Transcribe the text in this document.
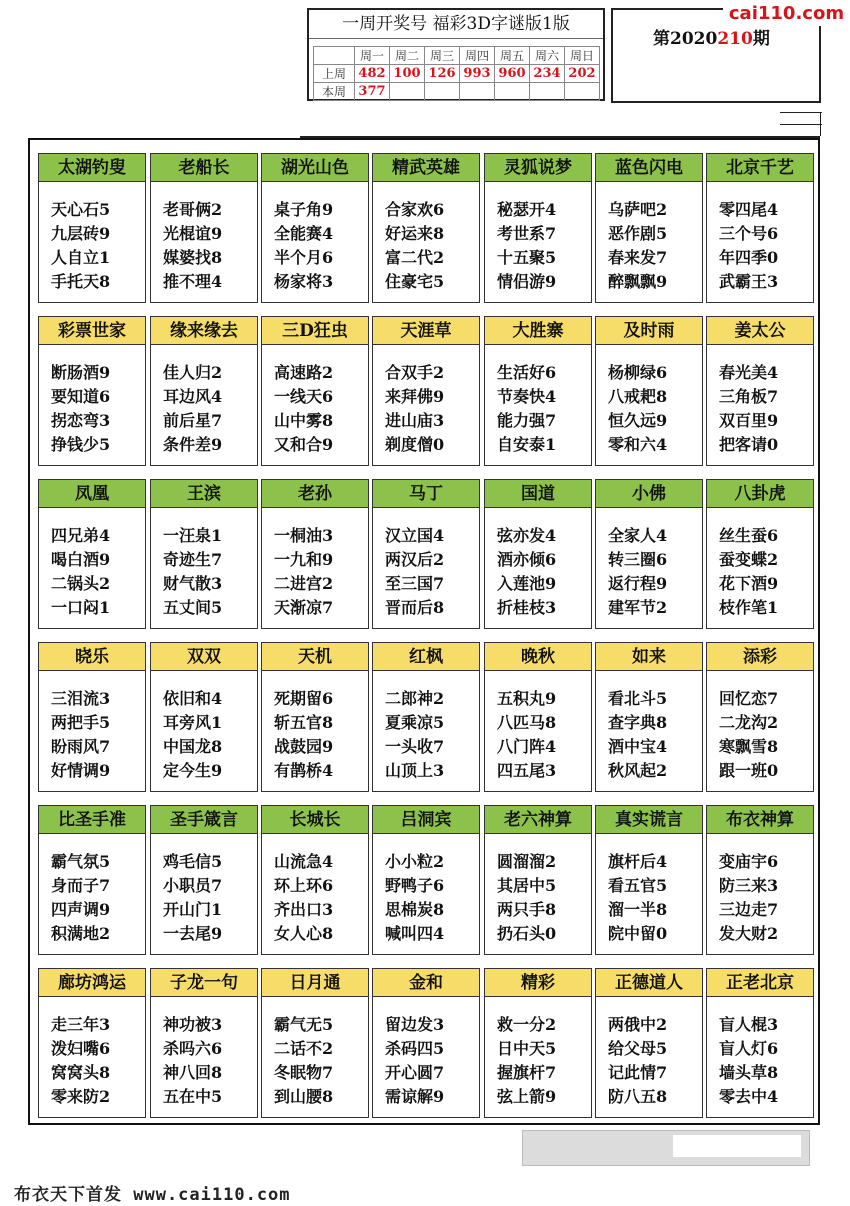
一周开奖号 福彩3D字谜版1版
	周一	周二	周三	周四	周五	周六	周日
上周	482	100	126	993	960	234	202
本周	377						
第2020210期
cai110.com
太湖钓叟
天心石5
九层砖9
人自立1
手托天8
老船长
老哥俩2
光棍谊9
媒婆找8
推不理4
湖光山色
桌子角9
全能赛4
半个月6
杨家将3
精武英雄
合家欢6
好运来8
富二代2
住豪宅5
灵狐说梦
秘瑟开4
考世系7
十五聚5
情侣游9
蓝色闪电
乌萨吧2
恶作剧5
春来发7
醉飘飘9
北京千艺
零四尾4
三个号6
年四季0
武霸王3
彩票世家
断肠酒9
要知道6
拐恋弯3
挣钱少5
缘来缘去
佳人归2
耳边风4
前后星7
条件差9
三D狂虫
高速路2
一线天6
山中雾8
又和合9
天涯草
合双手2
来拜佛9
进山庙3
剃度僧0
大胜寨
生活好6
节奏快4
能力强7
自安泰1
及时雨
杨柳绿6
八戒耙8
恒久远9
零和六4
姜太公
春光美4
三角板7
双百里9
把客请0
凤凰
四兄弟4
喝白酒9
二锅头2
一口闷1
王滨
一汪泉1
奇迹生7
财气散3
五丈间5
老孙
一桐油3
一九和9
二进宫2
天渐凉7
马丁
汉立国4
两汉后2
至三国7
晋而后8
国道
弦亦发4
酒亦倾6
入莲池9
折桂枝3
小佛
全家人4
转三圈6
返行程9
建军节2
八卦虎
丝生蚕6
蚕变蝶2
花下酒9
枝作笔1
晓乐
三泪流3
两把手5
盼雨风7
好情调9
双双
依旧和4
耳旁风1
中国龙8
定今生9
天机
死期留6
斩五官8
战鼓园9
有鹊桥4
红枫
二郎神2
夏乘凉5
一头收7
山顶上3
晚秋
五积丸9
八匹马8
八门阵4
四五尾3
如来
看北斗5
查字典8
酒中宝4
秋风起2
添彩
回忆恋7
二龙沟2
寒飘雪8
跟一班0
比圣手准
霸气氛5
身而子7
四声调9
积满地2
圣手箴言
鸡毛信5
小职员7
开山门1
一去尾9
长城长
山流急4
环上环6
齐出口3
女人心8
吕洞宾
小小粒2
野鸭子6
思棉炭8
喊叫四4
老六神算
圆溜溜2
其居中5
两只手8
扔石头0
真实谎言
旗杆后4
看五官5
溜一半8
院中留0
布衣神算
变庙宇6
防三来3
三边走7
发大财2
廊坊鸿运
走三年3
泼妇嘴6
窝窝头8
零来防2
子龙一句
神功被3
杀吗六6
神八回8
五在中5
日月通
霸气无5
二话不2
冬眠物7
到山腰8
金和
留边发3
杀码四5
开心圆7
需谅解9
精彩
救一分2
日中天5
握旗杆7
弦上箭9
正德道人
两俄中2
给父母5
记此情7
防八五8
正老北京
盲人棍3
盲人灯6
墙头草8
零去中4
布衣天下首发 www.cai110.com
